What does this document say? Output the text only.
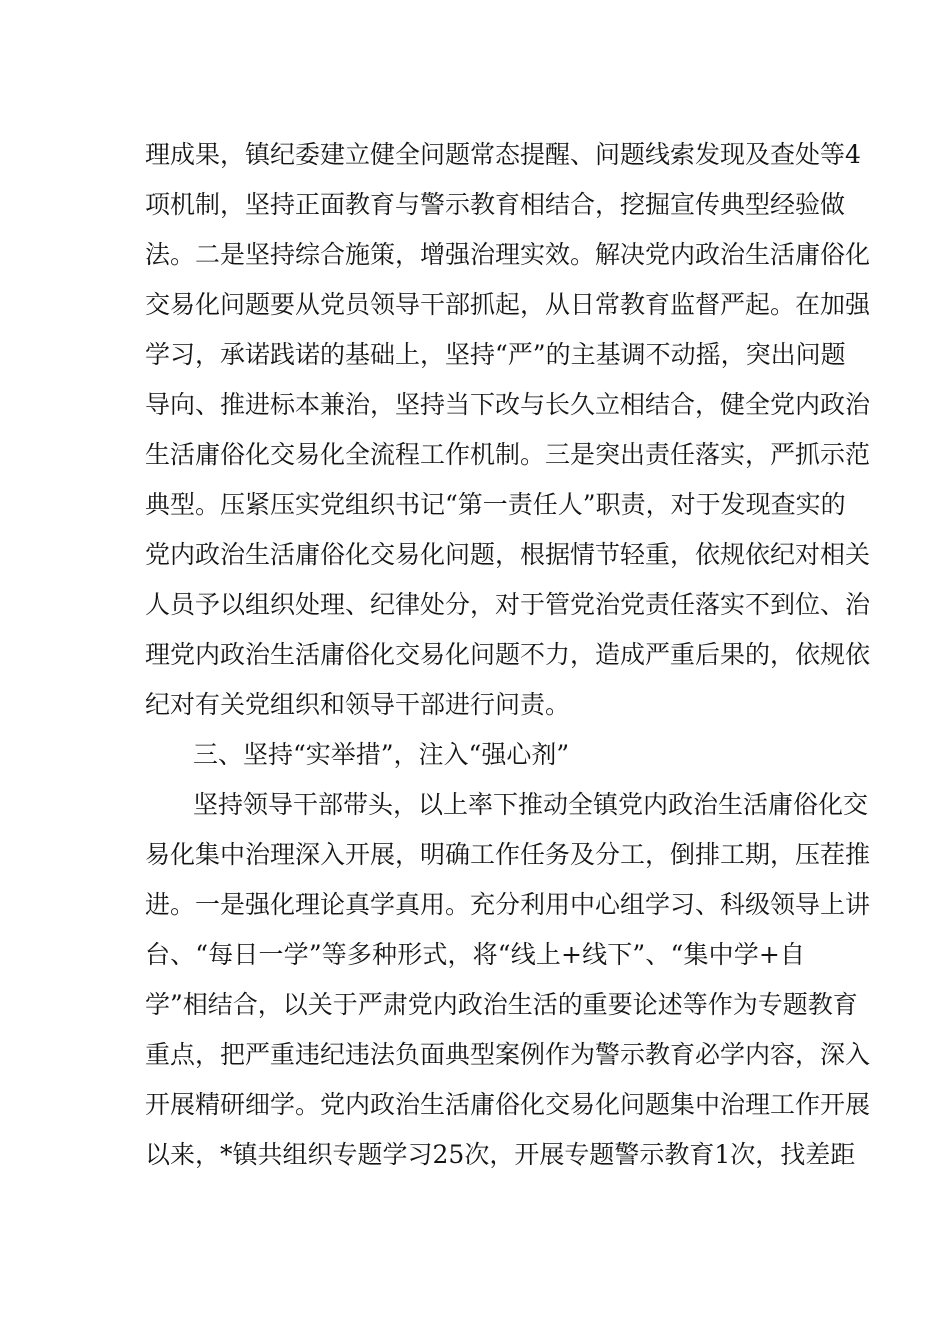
理成果，镇纪委建立健全问题常态提醒、问题线索发现及查处等4
项机制，坚持正面教育与警示教育相结合，挖掘宣传典型经验做
法。二是坚持综合施策，增强治理实效。解决党内政治生活庸俗化
交易化问题要从党员领导干部抓起，从日常教育监督严起。在加强
学习，承诺践诺的基础上，坚持“严”的主基调不动摇，突出问题
导向、推进标本兼治，坚持当下改与长久立相结合，健全党内政治
生活庸俗化交易化全流程工作机制。三是突出责任落实，严抓示范
典型。压紧压实党组织书记“第一责任人”职责，对于发现查实的
党内政治生活庸俗化交易化问题，根据情节轻重，依规依纪对相关
人员予以组织处理、纪律处分，对于管党治党责任落实不到位、治
理党内政治生活庸俗化交易化问题不力，造成严重后果的，依规依
纪对有关党组织和领导干部进行问责。
三、坚持“实举措”，注入“强心剂”
坚持领导干部带头，以上率下推动全镇党内政治生活庸俗化交
易化集中治理深入开展，明确工作任务及分工，倒排工期，压茬推
进。一是强化理论真学真用。充分利用中心组学习、科级领导上讲
台、“每日一学”等多种形式，将“线上+线下”、“集中学+自
学”相结合，以关于严肃党内政治生活的重要论述等作为专题教育
重点，把严重违纪违法负面典型案例作为警示教育必学内容，深入
开展精研细学。党内政治生活庸俗化交易化问题集中治理工作开展
以来，*镇共组织专题学习25次，开展专题警示教育1次，找差距
